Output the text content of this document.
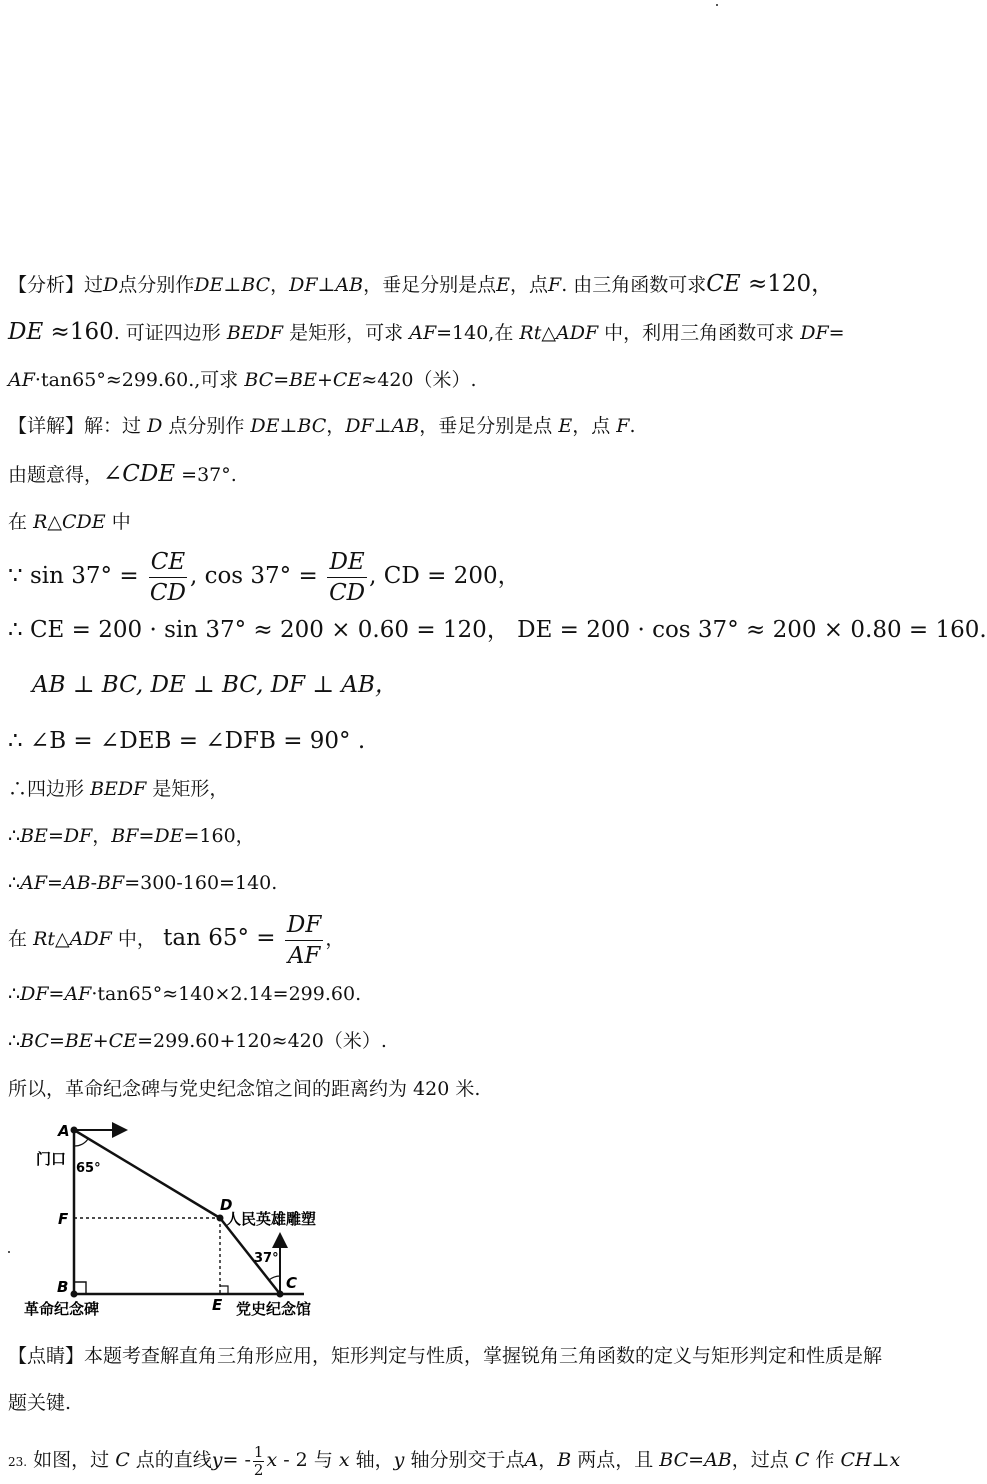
【分析】过D点分别作DE⊥BC，DF⊥AB，垂足分别是点E，点F. 由三角函数可求CE ≈120，
DE ≈160. 可证四边形 BEDF 是矩形，可求 AF=140,在 Rt△ADF 中，利用三角函数可求 DF=
AF·tan65°≈299.60.,可求 BC=BE+CE≈420（米）.
【详解】解：过 D 点分别作 DE⊥BC，DF⊥AB，垂足分别是点 E，点 F.
由题意得，∠CDE =37°.
在 R△CDE 中
∵ $\sin 37^\circ = \frac{CE}{CD}$ , $\cos 37^\circ = \frac{DE}{CD}$ , CD = 200，
∴ CE = 200 · sin 37° ≈ 200 × 0.60 = 120， DE = 200 · cos 37° ≈ 200 × 0.80 = 160.
AB ⊥ BC, DE ⊥ BC, DF ⊥ AB，
∴ ∠B = ∠DEB = ∠DFB = 90° .
∴四边形 BEDF 是矩形，
∴BE=DF，BF=DE=160，
∴AF=AB-BF=300-160=140.
在 Rt△ADF 中， $\tan 65^\circ = \frac{DF}{AF}$ ，
∴DF=AF·tan65°≈140×2.14=299.60.
∴BC=BE+CE=299.60+120≈420（米）.
所以，革命纪念碑与党史纪念馆之间的距离约为 420 米.
A
门口
65°
F
D
人民英雄雕塑
37°
B
E
C
革命纪念碑	党史纪念馆
【点睛】本题考查解直角三角形应用，矩形判定与性质，掌握锐角三角函数的定义与矩形判定和性质是解
题关键.
23. 如图，过 C 点的直线$y= - \frac{1}{2}$ x - 2 与 x 轴，y 轴分别交于点A，B 两点，且 BC=AB，过点 C 作 CH⊥x
